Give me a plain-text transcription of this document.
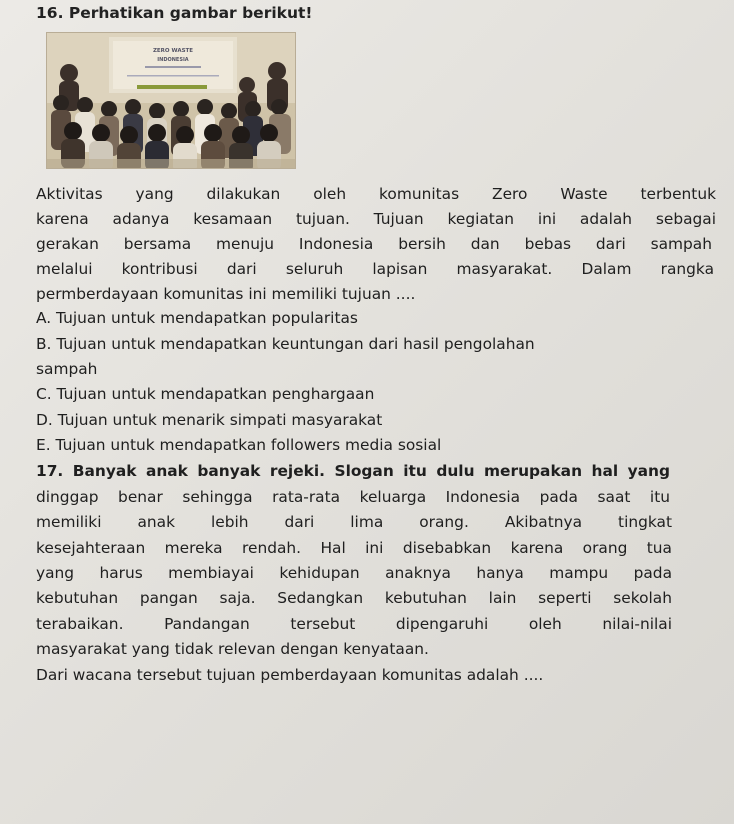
16. Perhatikan gambar berikut!
ZERO WASTE
INDONESIA
Aktivitas yang dilakukan oleh komunitas Zero Waste terbentuk
karena adanya kesamaan tujuan. Tujuan kegiatan ini adalah sebagai
gerakan bersama menuju Indonesia bersih dan bebas dari sampah
melalui kontribusi dari seluruh lapisan masyarakat. Dalam rangka
permberdayaan komunitas ini memiliki tujuan ....
A. Tujuan untuk mendapatkan popularitas
B. Tujuan untuk mendapatkan keuntungan dari hasil pengolahan
sampah
C. Tujuan untuk mendapatkan penghargaan
D. Tujuan untuk menarik simpati masyarakat
E. Tujuan untuk mendapatkan followers media sosial
17. Banyak anak banyak rejeki. Slogan itu dulu merupakan hal yang
dinggap benar sehingga rata-rata keluarga Indonesia pada saat itu
memiliki anak lebih dari lima orang. Akibatnya tingkat
kesejahteraan mereka rendah. Hal ini disebabkan karena orang tua
yang harus membiayai kehidupan anaknya hanya mampu pada
kebutuhan pangan saja. Sedangkan kebutuhan lain seperti sekolah
terabaikan. Pandangan tersebut dipengaruhi oleh nilai-nilai
masyarakat yang tidak relevan dengan kenyataan.
Dari wacana tersebut tujuan pemberdayaan komunitas adalah ....
